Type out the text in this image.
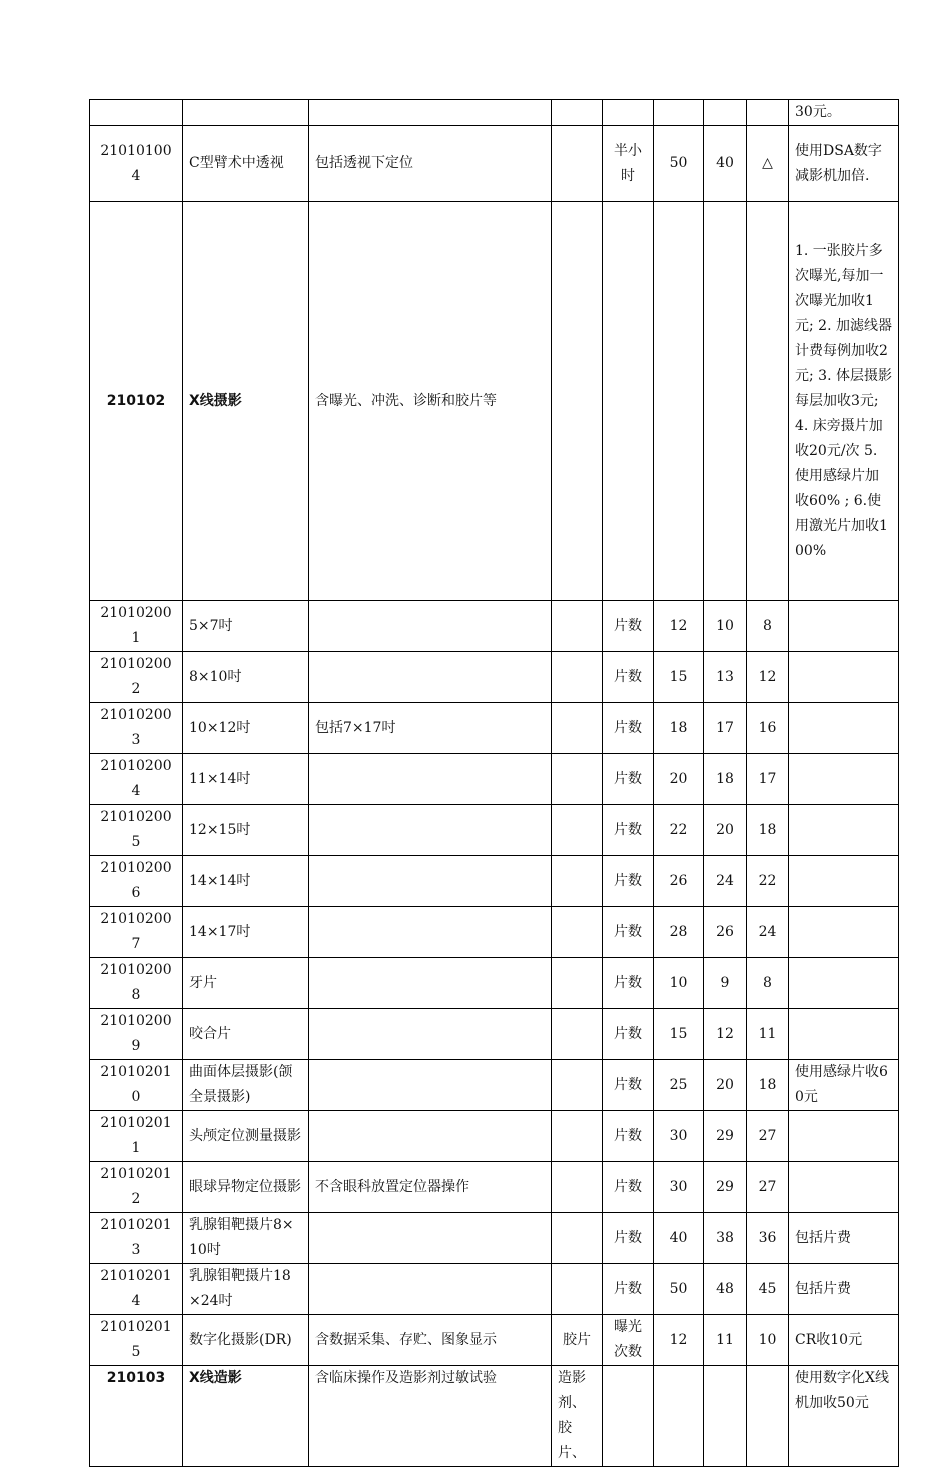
								30元。
210101004	C型臂术中透视	包括透视下定位		半小时	50	40	△	使用DSA数字减影机加倍.
210102	X线摄影	含曝光、冲洗、诊断和胶片等						1. 一张胶片多次曝光,每加一次曝光加收1元; 2. 加滤线器计费每例加收2元; 3. 体层摄影每层加收3元; 4. 床旁摄片加收20元/次 5. 使用感绿片加收60% ; 6.使用激光片加收100%
210102001	5×7吋			片数	12	10	8	
210102002	8×10吋			片数	15	13	12	
210102003	10×12吋	包括7×17吋		片数	18	17	16	
210102004	11×14吋			片数	20	18	17	
210102005	12×15吋			片数	22	20	18	
210102006	14×14吋			片数	26	24	22	
210102007	14×17吋			片数	28	26	24	
210102008	牙片			片数	10	9	8	
210102009	咬合片			片数	15	12	11	
210102010	曲面体层摄影(颌全景摄影)			片数	25	20	18	使用感绿片收60元
210102011	头颅定位测量摄影			片数	30	29	27	
210102012	眼球异物定位摄影	不含眼科放置定位器操作		片数	30	29	27	
210102013	乳腺钼靶摄片8×10吋			片数	40	38	36	包括片费
210102014	乳腺钼靶摄片18×24吋			片数	50	48	45	包括片费
210102015	数字化摄影(DR)	含数据采集、存贮、图象显示	胶片	曝光次数	12	11	10	CR收10元
210103	X线造影	含临床操作及造影剂过敏试验	造影剂、胶片、					使用数字化X线机加收50元
